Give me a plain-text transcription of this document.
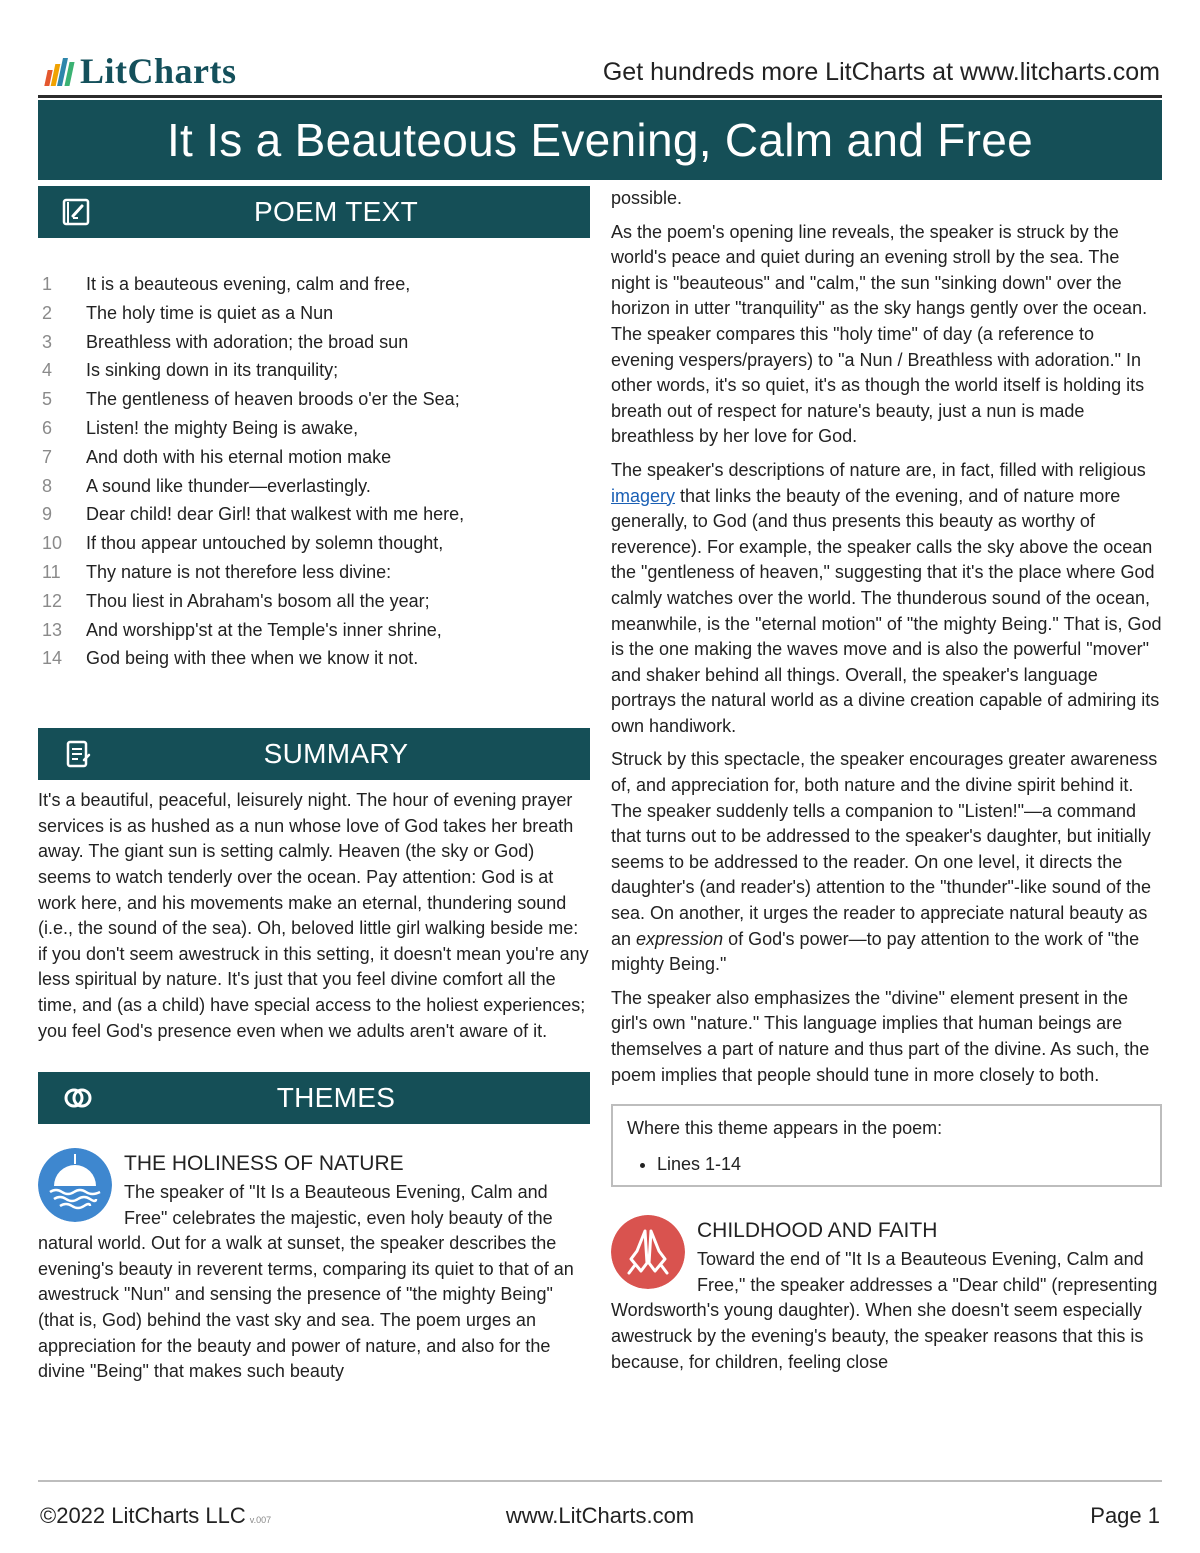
LitCharts	Get hundreds more LitCharts at www.litcharts.com
It Is a Beauteous Evening, Calm and Free
POEM TEXT
1	It is a beauteous evening, calm and free,
2	The holy time is quiet as a Nun
3	Breathless with adoration; the broad sun
4	Is sinking down in its tranquility;
5	The gentleness of heaven broods o'er the Sea;
6	Listen! the mighty Being is awake,
7	And doth with his eternal motion make
8	A sound like thunder—everlastingly.
9	Dear child! dear Girl! that walkest with me here,
10	If thou appear untouched by solemn thought,
11	Thy nature is not therefore less divine:
12	Thou liest in Abraham's bosom all the year;
13	And worshipp'st at the Temple's inner shrine,
14	God being with thee when we know it not.
SUMMARY

It's a beautiful, peaceful, leisurely night. The hour of evening prayer services is as hushed as a nun whose love of God takes her breath away. The giant sun is setting calmly. Heaven (the sky or God) seems to watch tenderly over the ocean. Pay attention: God is at work here, and his movements make an eternal, thundering sound (i.e., the sound of the sea). Oh, beloved little girl walking beside me: if you don't seem awestruck in this setting, it doesn't mean you're any less spiritual by nature. It's just that you feel divine comfort all the time, and (as a child) have special access to the holiest experiences; you feel God's presence even when we adults aren't aware of it.

THEMES
THE HOLINESS OF NATURE

The speaker of "It Is a Beauteous Evening, Calm and Free" celebrates the majestic, even holy beauty of the natural world. Out for a walk at sunset, the speaker describes the evening's beauty in reverent terms, comparing its quiet to that of an awestruck "Nun" and sensing the presence of "the mighty Being" (that is, God) behind the vast sky and sea. The poem urges an appreciation for the beauty and power of nature, and also for the divine "Being" that makes such beauty

possible.

As the poem's opening line reveals, the speaker is struck by the world's peace and quiet during an evening stroll by the sea. The night is "beauteous" and "calm," the sun "sinking down" over the horizon in utter "tranquility" as the sky hangs gently over the ocean. The speaker compares this "holy time" of day (a reference to evening vespers/prayers) to "a Nun / Breathless with adoration." In other words, it's so quiet, it's as though the world itself is holding its breath out of respect for nature's beauty, just a nun is made breathless by her love for God.

The speaker's descriptions of nature are, in fact, filled with religious imagery that links the beauty of the evening, and of nature more generally, to God (and thus presents this beauty as worthy of reverence). For example, the speaker calls the sky above the ocean the "gentleness of heaven," suggesting that it's the place where God calmly watches over the world. The thunderous sound of the ocean, meanwhile, is the "eternal motion" of "the mighty Being." That is, God is the one making the waves move and is also the powerful "mover" and shaker behind all things. Overall, the speaker's language portrays the natural world as a divine creation capable of admiring its own handiwork.

Struck by this spectacle, the speaker encourages greater awareness of, and appreciation for, both nature and the divine spirit behind it. The speaker suddenly tells a companion to "Listen!"—a command that turns out to be addressed to the speaker's daughter, but initially seems to be addressed to the reader. On one level, it directs the daughter's (and reader's) attention to the "thunder"-like sound of the sea. On another, it urges the reader to appreciate natural beauty as an expression of God's power—to pay attention to the work of "the mighty Being."

The speaker also emphasizes the "divine" element present in the girl's own "nature." This language implies that human beings are themselves a part of nature and thus part of the divine. As such, the poem implies that people should tune in more closely to both.

Where this theme appears in the poem:
• Lines 1-14
CHILDHOOD AND FAITH

Toward the end of "It Is a Beauteous Evening, Calm and Free," the speaker addresses a "Dear child" (representing Wordsworth's young daughter). When she doesn't seem especially awestruck by the evening's beauty, the speaker reasons that this is because, for children, feeling close

©2022 LitCharts LLC v.007	www.LitCharts.com	Page 1
